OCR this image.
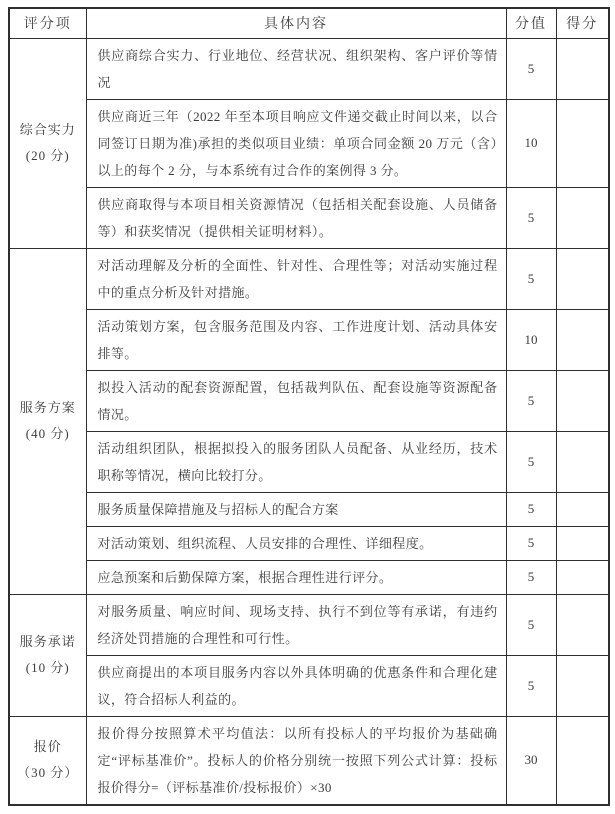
评分项	具体内容	分值	得分

综合实力
(20 分)	供应商综合实力、行业地位、经营状况、组织架构、客户评价等情况	5	
	供应商近三年（2022 年至本项目响应文件递交截止时间以来，以合同签订日期为准)承担的类似项目业绩：单项合同金额 20 万元（含）以上的每个 2 分，与本系统有过合作的案例得 3 分。	10	
	供应商取得与本项目相关资源情况（包括相关配套设施、人员储备等）和获奖情况（提供相关证明材料）。	5	

服务方案
(40 分)	对活动理解及分析的全面性、针对性、合理性等；对活动实施过程中的重点分析及针对措施。	5	
	活动策划方案，包含服务范围及内容、工作进度计划、活动具体安排等。	10	
	拟投入活动的配套资源配置，包括裁判队伍、配套设施等资源配备情况。	5	
	活动组织团队，根据拟投入的服务团队人员配备、从业经历，技术职称等情况，横向比较打分。	5	
	服务质量保障措施及与招标人的配合方案	5	
	对活动策划、组织流程、人员安排的合理性、详细程度。	5	
	应急预案和后勤保障方案，根据合理性进行评分。	5	

服务承诺
(10 分)	对服务质量、响应时间、现场支持、执行不到位等有承诺，有违约经济处罚措施的合理性和可行性。	5	
	供应商提出的本项目服务内容以外具体明确的优惠条件和合理化建议，符合招标人利益的。	5	

报价
（30 分）	报价得分按照算术平均值法：以所有投标人的平均报价为基础确定“评标基准价”。投标人的价格分别统一按照下列公式计算：投标报价得分=（评标基准价/投标报价）×30	30	
